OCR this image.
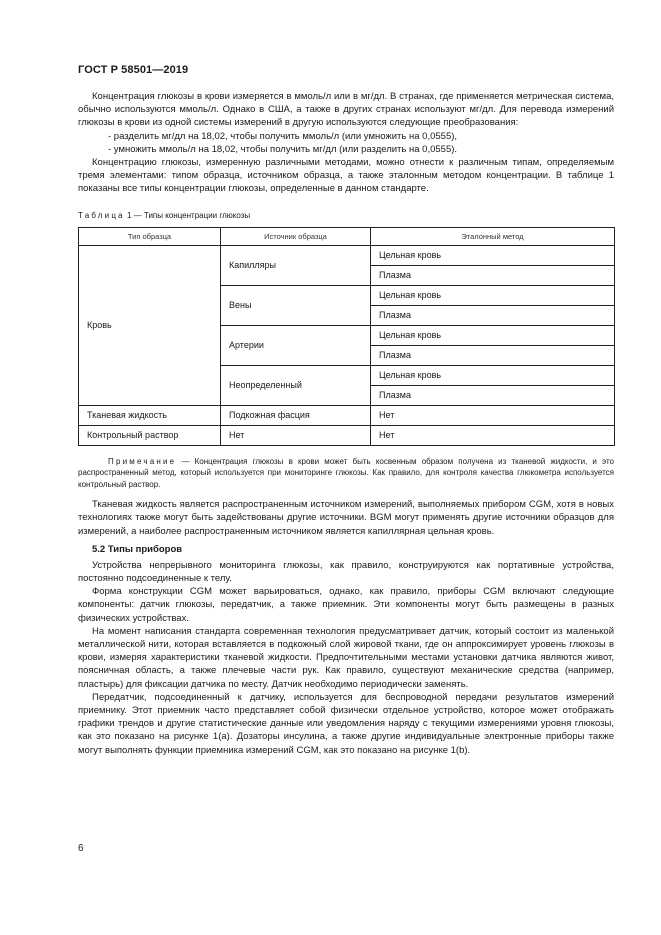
ГОСТ Р 58501—2019

Концентрация глюкозы в крови измеряется в ммоль/л или в мг/дл. В странах, где применяется метрическая система, обычно используются ммоль/л. Однако в США, а также в других странах используют мг/дл. Для перевода измерений глюкозы в крови из одной системы измерений в другую используются следующие преобразования:

- разделить мг/дл на 18,02, чтобы получить ммоль/л (или умножить на 0,0555),

- умножить ммоль/л на 18,02, чтобы получить мг/дл (или разделить на 0,0555).

Концентрацию глюкозы, измеренную различными методами, можно отнести к различным типам, определяемым тремя элементами: типом образца, источником образца, а также эталонным методом концентрации. В таблице 1 показаны все типы концентрации глюкозы, определенные в данном стандарте.

Таблица 1 — Типы концентрации глюкозы
Тип образца	Источник образца	Эталонный метод
Кровь	Капилляры	Цельная кровь
		Плазма
	Вены	Цельная кровь
		Плазма
	Артерии	Цельная кровь
		Плазма
	Неопределенный	Цельная кровь
		Плазма
Тканевая жидкость	Подкожная фасция	Нет
Контрольный раствор	Нет	Нет
Примечание — Концентрация глюкозы в крови может быть косвенным образом получена из тканевой жидкости, и это распространенный метод, который используется при мониторинге глюкозы. Как правило, для контроля качества глюкометра используется контрольный раствор.

Тканевая жидкость является распространенным источником измерений, выполняемых прибором CGM, хотя в новых технологиях также могут быть задействованы другие источники. BGM могут применять другие источники образцов для измерений, а наиболее распространенным источником является капиллярная цельная кровь.

5.2 Типы приборов

Устройства непрерывного мониторинга глюкозы, как правило, конструируются как портативные устройства, постоянно подсоединенные к телу.

Форма конструкции CGM может варьироваться, однако, как правило, приборы CGM включают следующие компоненты: датчик глюкозы, передатчик, а также приемник. Эти компоненты могут быть размещены в разных физических устройствах.

На момент написания стандарта современная технология предусматривает датчик, который состоит из маленькой металлической нити, которая вставляется в подкожный слой жировой ткани, где он аппроксимирует уровень глюкозы в крови, измеряя характеристики тканевой жидкости. Предпочтительными местами установки датчика являются живот, поясничная область, а также плечевые части рук. Как правило, существуют механические средства (например, пластырь) для фиксации датчика по месту. Датчик необходимо периодически заменять.

Передатчик, подсоединенный к датчику, используется для беспроводной передачи результатов измерений приемнику. Этот приемник часто представляет собой физически отдельное устройство, которое может отображать графики трендов и другие статистические данные или уведомления наряду с текущими измерениями уровня глюкозы, как это показано на рисунке 1(а). Дозаторы инсулина, а также другие индивидуальные электронные приборы также могут выполнять функции приемника измерений CGM, как это показано на рисунке 1(b).

6
